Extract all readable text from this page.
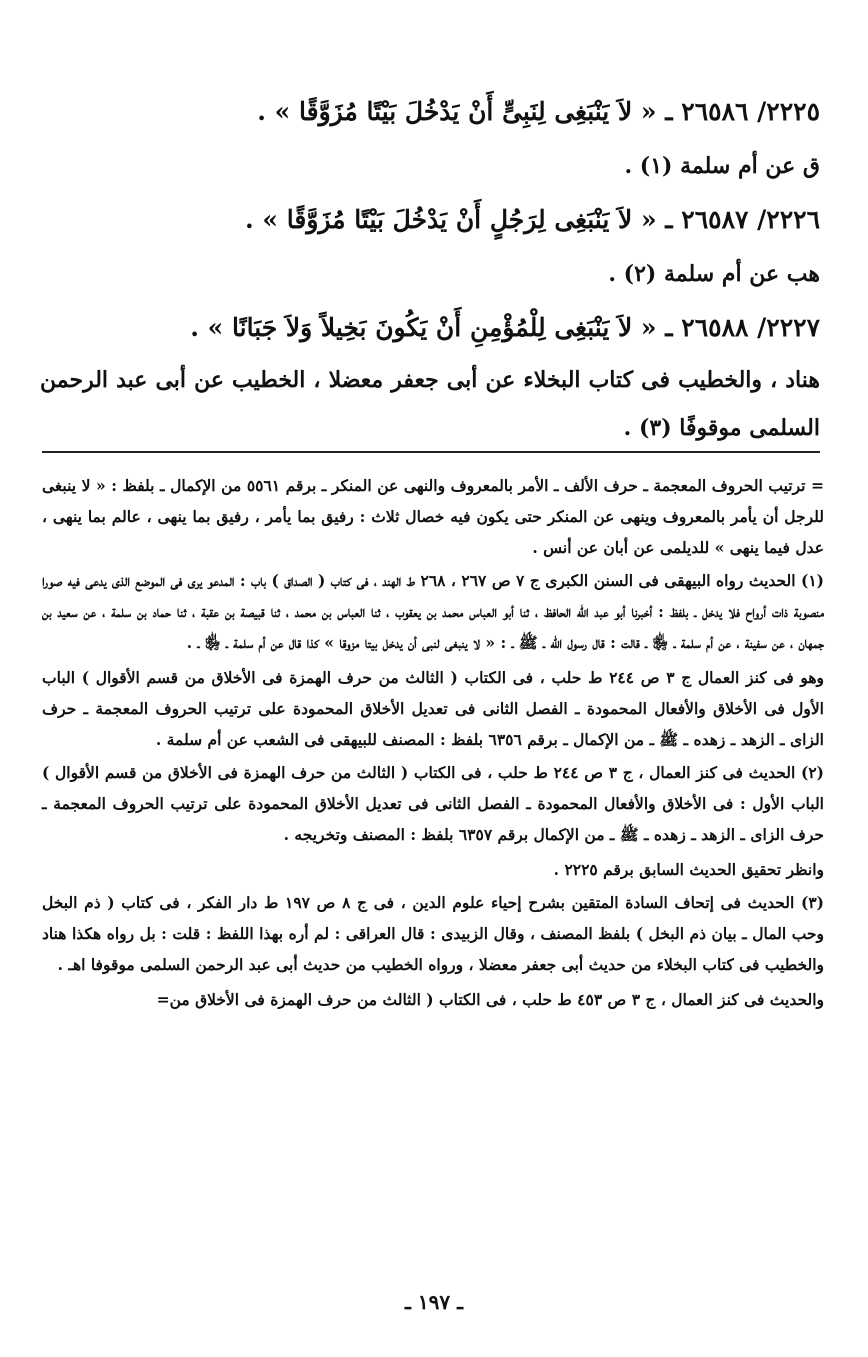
٢٢٢٥/ ٢٦٥٨٦ ـ « لاَ يَنْبَغِى لِنَبِىٍّ أَنْ يَدْخُلَ بَيْتًا مُزَوَّقًا » .

ق عن أم سلمة (١) .

٢٢٢٦/ ٢٦٥٨٧ ـ « لاَ يَنْبَغِى لِرَجُلٍ أَنْ يَدْخُلَ بَيْتًا مُزَوَّقًا » .

هب عن أم سلمة (٢) .

٢٢٢٧/ ٢٦٥٨٨ ـ « لاَ يَنْبَغِى لِلْمُؤْمِنِ أَنْ يَكُونَ بَخِيلاً وَلاَ جَبَانًا » .

هناد ، والخطيب فى كتاب البخلاء عن أبى جعفر معضلا ، الخطيب عن أبى عبد الرحمن السلمى موقوفًا (٣) .

= ترتيب الحروف المعجمة ـ حرف الألف ـ الأمر بالمعروف والنهى عن المنكر ـ برقم ٥٥٦١ من الإكمال ـ بلفظ : « لا ينبغى للرجل أن يأمر بالمعروف وينهى عن المنكر حتى يكون فيه خصال ثلاث : رفيق بما يأمر ، رفيق بما ينهى ، عالم بما ينهى ، عدل فيما ينهى » للديلمى عن أبان عن أنس .

(١) الحديث رواه البيهقى فى السنن الكبرى ج ٧ ص ٢٦٧ ، ٢٦٨ ط الهند ، فى كتاب ( الصداق ) باب : المدعو يرى فى الموضع الذى يدعى فيه صورا منصوبة ذات أرواح فلا يدخل ـ بلفظ : أخبرنا أبو عبد الله الحافظ ، ثنا أبو العباس محمد بن يعقوب ، ثنا العباس بن محمد ، ثنا قبيصة بن عقبة ، ثنا حماد بن سلمة ، عن سعيد بن جمهان ، عن سفينة ، عن أم سلمة ـ ﵂ ـ قالت : قال رسول الله ـ ﷺ ـ : « لا ينبغى لنبى أن يدخل بيتا مزوقا » كذا قال عن أم سلمة ـ ﵂ ـ .

وهو فى كنز العمال ج ٣ ص ٢٤٤ ط حلب ، فى الكتاب ( الثالث من حرف الهمزة فى الأخلاق من قسم الأقوال ) الباب الأول فى الأخلاق والأفعال المحمودة ـ الفصل الثانى فى تعديل الأخلاق المحمودة على ترتيب الحروف المعجمة ـ حرف الزاى ـ الزهد ـ زهده ـ ﷺ ـ من الإكمال ـ برقم ٦٣٥٦ بلفظ : المصنف للبيهقى فى الشعب عن أم سلمة .

(٢) الحديث فى كنز العمال ، ج ٣ ص ٢٤٤ ط حلب ، فى الكتاب ( الثالث من حرف الهمزة فى الأخلاق من قسم الأقوال ) الباب الأول : فى الأخلاق والأفعال المحمودة ـ الفصل الثانى فى تعديل الأخلاق المحمودة على ترتيب الحروف المعجمة ـ حرف الزاى ـ الزهد ـ زهده ـ ﷺ ـ من الإكمال برقم ٦٣٥٧ بلفظ : المصنف وتخريجه .

وانظر تحقيق الحديث السابق برقم ٢٢٢٥ .

(٣) الحديث فى إتحاف السادة المتقين بشرح إحياء علوم الدين ، فى ج ٨ ص ١٩٧ ط دار الفكر ، فى كتاب ( ذم البخل وحب المال ـ بيان ذم البخل ) بلفظ المصنف ، وقال الزبيدى : قال العراقى : لم أره بهذا اللفظ : قلت : بل رواه هكذا هناد والخطيب فى كتاب البخلاء من حديث أبى جعفر معضلا ، ورواه الخطيب من حديث أبى عبد الرحمن السلمى موقوفا اهـ .

والحديث فى كنز العمال ، ج ٣ ص ٤٥٣ ط حلب ، فى الكتاب ( الثالث من حرف الهمزة فى الأخلاق من=

ـ ١٩٧ ـ
